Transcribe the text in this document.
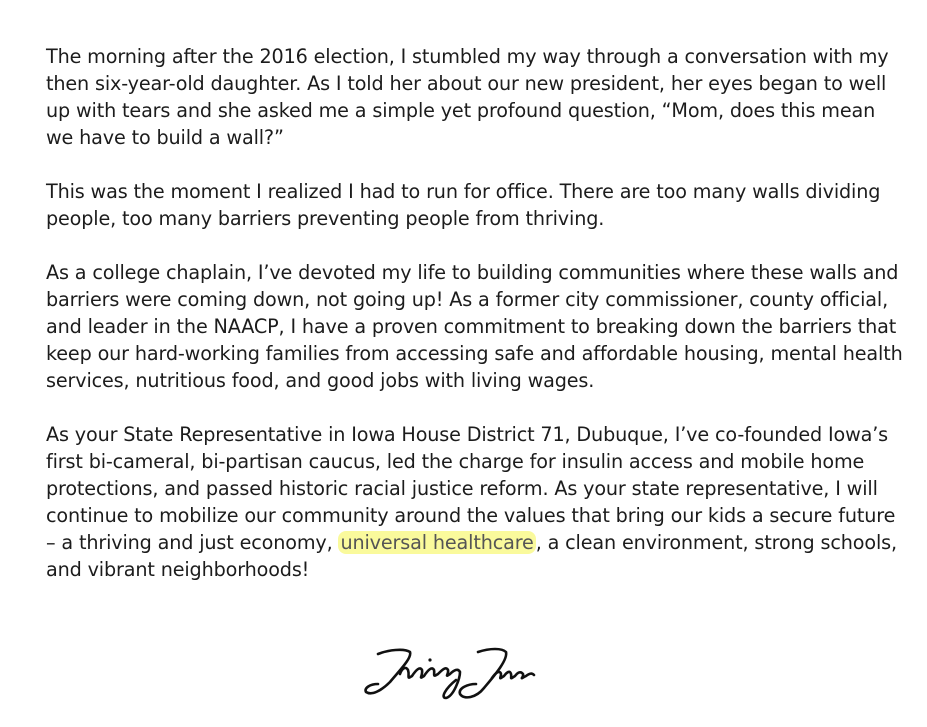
The morning after the 2016 election, I stumbled my way through a conversation with my then six-year-old daughter. As I told her about our new president, her eyes began to well up with tears and she asked me a simple yet profound question, “Mom, does this mean we have to build a wall?”

This was the moment I realized I had to run for office. There are too many walls dividing people, too many barriers preventing people from thriving.

As a college chaplain, I’ve devoted my life to building communities where these walls and barriers were coming down, not going up! As a former city commissioner, county official, and leader in the NAACP, I have a proven commitment to breaking down the barriers that keep our hard-working families from accessing safe and affordable housing, mental health services, nutritious food, and good jobs with living wages.

As your State Representative in Iowa House District 71, Dubuque, I’ve co-founded Iowa’s first bi-cameral, bi-partisan caucus, led the charge for insulin access and mobile home protections, and passed historic racial justice reform. As your state representative, I will continue to mobilize our community around the values that bring our kids a secure future – a thriving and just economy, universal healthcare , a clean environment, strong schools, and vibrant neighborhoods!
